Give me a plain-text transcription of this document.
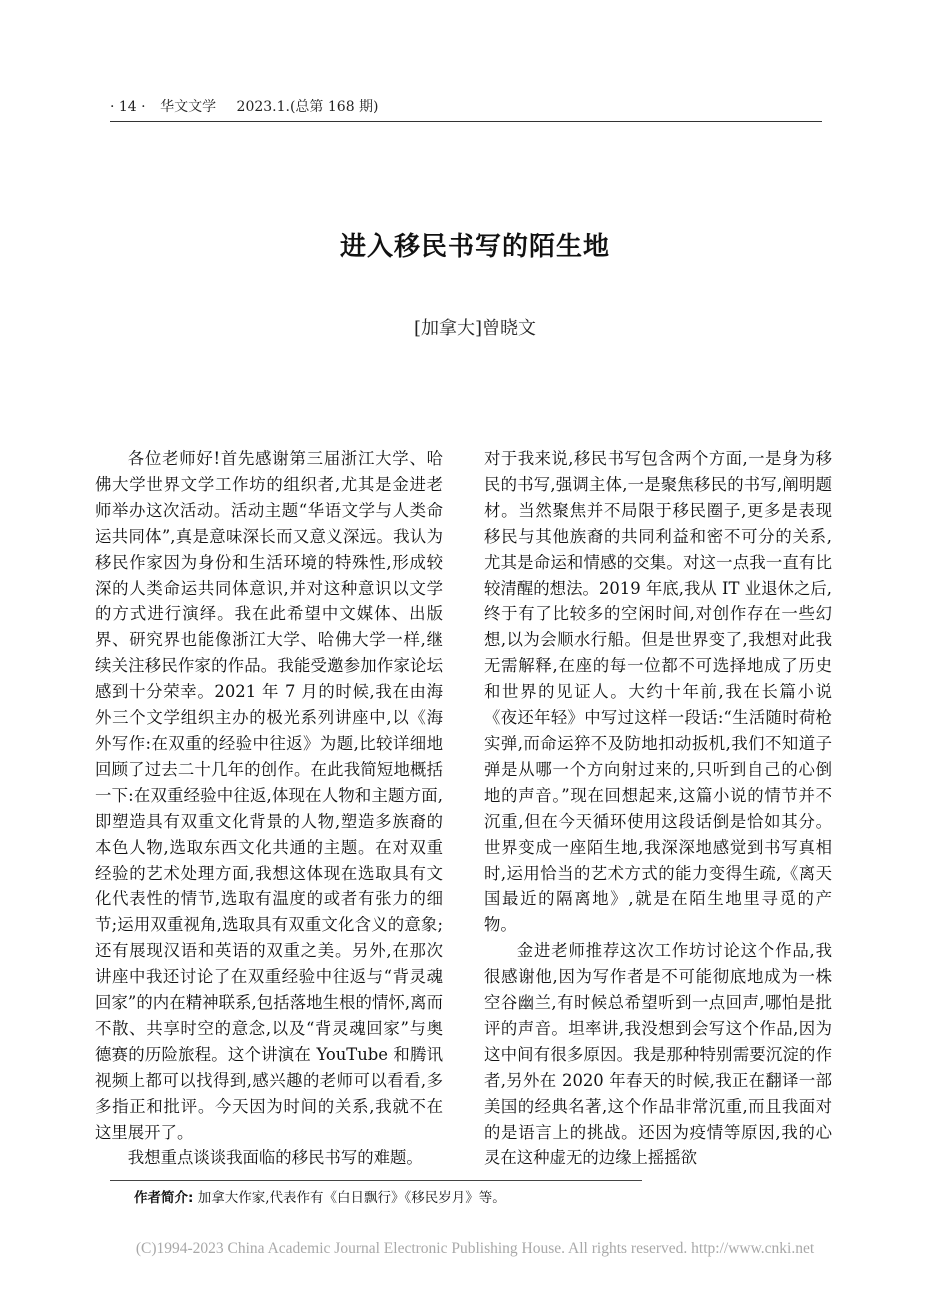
· 14 · 华文文学 2023.1.(总第 168 期)
进入移民书写的陌生地
[加拿大]曾晓文

各位老师好!首先感谢第三届浙江大学、哈佛大学世界文学工作坊的组织者,尤其是金进老师举办这次活动。活动主题“华语文学与人类命运共同体”,真是意味深长而又意义深远。我认为移民作家因为身份和生活环境的特殊性,形成较深的人类命运共同体意识,并对这种意识以文学的方式进行演绎。我在此希望中文媒体、出版界、研究界也能像浙江大学、哈佛大学一样,继续关注移民作家的作品。我能受邀参加作家论坛感到十分荣幸。2021 年 7 月的时候,我在由海外三个文学组织主办的极光系列讲座中,以《海外写作:在双重的经验中往返》为题,比较详细地回顾了过去二十几年的创作。在此我简短地概括一下:在双重经验中往返,体现在人物和主题方面,即塑造具有双重文化背景的人物,塑造多族裔的本色人物,选取东西文化共通的主题。在对双重经验的艺术处理方面,我想这体现在选取具有文化代表性的情节,选取有温度的或者有张力的细节;运用双重视角,选取具有双重文化含义的意象;还有展现汉语和英语的双重之美。另外,在那次讲座中我还讨论了在双重经验中往返与“背灵魂回家”的内在精神联系,包括落地生根的情怀,离而不散、共享时空的意念,以及“背灵魂回家”与奥德赛的历险旅程。这个讲演在 YouTube 和腾讯视频上都可以找得到,感兴趣的老师可以看看,多多指正和批评。今天因为时间的关系,我就不在这里展开了。

我想重点谈谈我面临的移民书写的难题。

对于我来说,移民书写包含两个方面,一是身为移民的书写,强调主体,一是聚焦移民的书写,阐明题材。当然聚焦并不局限于移民圈子,更多是表现移民与其他族裔的共同利益和密不可分的关系,尤其是命运和情感的交集。对这一点我一直有比较清醒的想法。2019 年底,我从 IT 业退休之后,终于有了比较多的空闲时间,对创作存在一些幻想,以为会顺水行船。但是世界变了,我想对此我无需解释,在座的每一位都不可选择地成了历史和世界的见证人。大约十年前,我在长篇小说《夜还年轻》中写过这样一段话:“生活随时荷枪实弹,而命运猝不及防地扣动扳机,我们不知道子弹是从哪一个方向射过来的,只听到自己的心倒地的声音。”现在回想起来,这篇小说的情节并不沉重,但在今天循环使用这段话倒是恰如其分。世界变成一座陌生地,我深深地感觉到书写真相时,运用恰当的艺术方式的能力变得生疏,《离天国最近的隔离地》,就是在陌生地里寻觅的产物。

金进老师推荐这次工作坊讨论这个作品,我很感谢他,因为写作者是不可能彻底地成为一株空谷幽兰,有时候总希望听到一点回声,哪怕是批评的声音。坦率讲,我没想到会写这个作品,因为这中间有很多原因。我是那种特别需要沉淀的作者,另外在 2020 年春天的时候,我正在翻译一部美国的经典名著,这个作品非常沉重,而且我面对的是语言上的挑战。还因为疫情等原因,我的心灵在这种虚无的边缘上摇摇欲

作者简介: 加拿大作家,代表作有《白日飘行》《移民岁月》等。
(C)1994-2023 China Academic Journal Electronic Publishing House. All rights reserved. http://www.cnki.net
